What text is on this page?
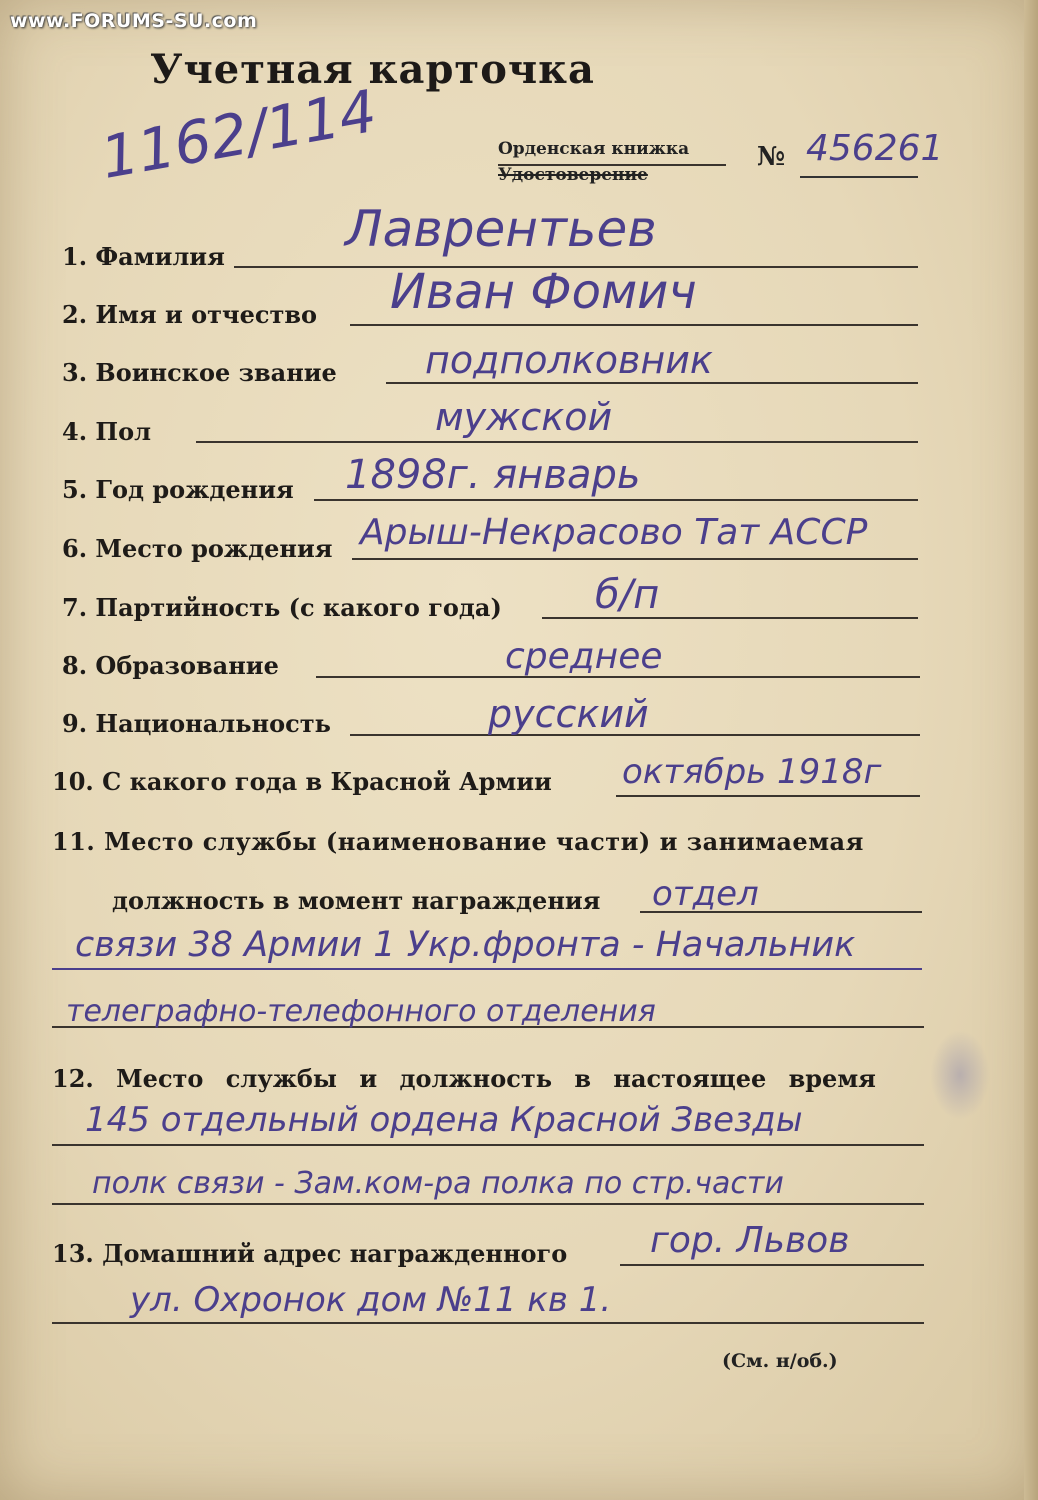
www.FORUMS-SU.com
Учетная карточка
1162/114	Орденская книжка
Удостоверение
№ 456261
1. Фамилия Лаврентьев
2. Имя и отчество Иван Фомич
3. Воинское звание подполковник
4. Пол	мужской
5. Год рождения 1898г. январь
6. Место рождения Арыш-Некрасово Тат АССР
7. Партийность (с какого года) б/п
8. Образование	среднее
9. Национальность	русский
10. С какого года в Красной Армии октябрь 1918г
11. Место службы (наименование части) и занимаемая
должность в момент награждения отдел
связи 38 Армии 1 Укр.фронта - Начальник
телеграфно-телефонного отделения
12. Место службы и должность в настоящее время
145 отдельный ордена Красной Звезды
полк связи - Зам.ком-ра полка по стр.части
13. Домашний адрес награжденного гор. Львов
ул. Охронок дом №11 кв 1.
(См. н/об.)
